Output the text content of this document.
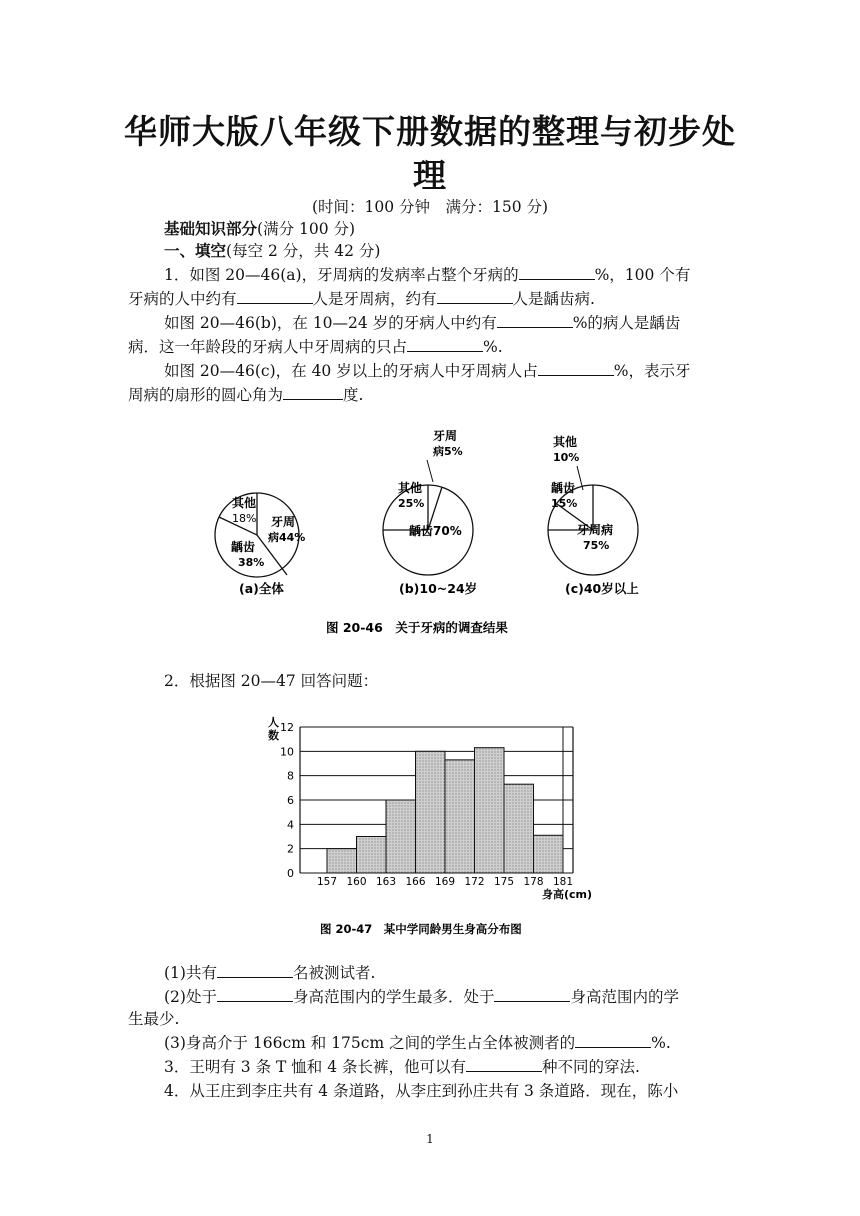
华师大版八年级下册数据的整理与初步处
理
(时间：100 分钟　满分：150 分)
基础知识部分(满分 100 分)
一、填空(每空 2 分，共 42 分)
1．如图 20—46(a)，牙周病的发病率占整个牙病的	%，100 个有
牙病的人中约有	人是牙周病，约有	人是龋齿病.
如图 20—46(b)，在 10—24 岁的牙病人中约有	%的病人是龋齿
病．这一年龄段的牙病人中牙周病的只占	%.
如图 20—46(c)，在 40 岁以上的牙病人中牙周病人占	%，表示牙
周病的扇形的圆心角为	度.
其他
18% 牙周
病44%
龋齿
38%
(a)全体
牙周
病5%
其他
25%
龋齿70%
(b)10~24岁
其他
10%
龋齿
15%
牙周病
75%
(c)40岁以上
图 20-46　关于牙病的调查结果
2．根据图 20—47 回答问题：
0
2
4
6
8
10
12
157 160 163 166 169 172 175 178 181
人
数
身高(cm)
图 20-47　某中学同龄男生身高分布图
(1)共有	名被测试者.
(2)处于	身高范围内的学生最多．处于	身高范围内的学
生最少.
(3)身高介于 166cm 和 175cm 之间的学生占全体被测者的	%.
3．王明有 3 条 T 恤和 4 条长裤，他可以有	种不同的穿法.
4．从王庄到李庄共有 4 条道路，从李庄到孙庄共有 3 条道路．现在，陈小
1
